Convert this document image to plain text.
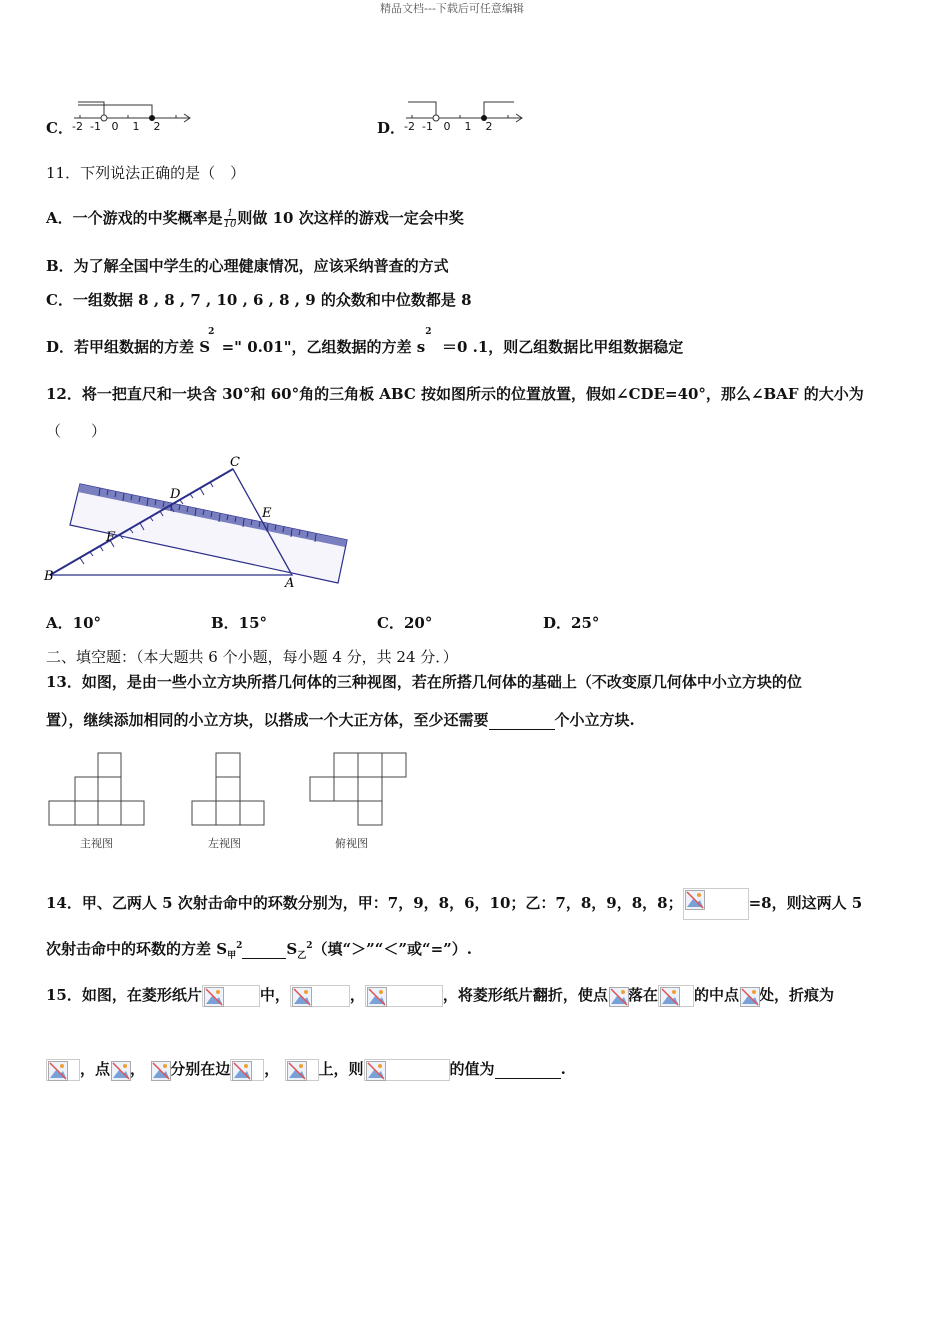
精品文档---下载后可任意编辑
C． -2 -1 0 1 2	D．
-2 -1 0 1 2
11．下列说法正确的是（　）
A．一个游戏的中奖概率是 $\frac{1}{10}$ 则做 10 次这样的游戏一定会中奖
B．为了解全国中学生的心理健康情况，应该采纳普查的方式
C．一组数据 8 , 8 , 7 , 10 , 6 , 8 , 9 的众数和中位数都是 8
D．若甲组数据的方差 $S^2$ =" 0.01"，乙组数据的方差 $s^2 =0$ .1，则乙组数据比甲组数据稳定
12．将一把直尺和一块含 30°和 60°角的三角板 ABC 按如图所示的位置放置，假如∠CDE=40°，那么∠BAF 的大小为
（　　）
C
D
E
F
B	A
A．10°	B．15°	C．20°	D．25°
二、填空题：（本大题共 6 个小题，每小题 4 分，共 24 分．）
13．如图，是由一些小立方块所搭几何体的三种视图，若在所搭几何体的基础上（不改变原几何体中小立方块的位
置），继续添加相同的小立方块，以搭成一个大正方体，至少还需要	个小立方块.
主视图	左视图	俯视图
14．甲、乙两人 5 次射击命中的环数分别为，甲：7，9，8，6，10；乙：7，8，9，8，8；	=8，则这两人 5
次射击命中的环数的方差 $S_甲^2$	$S_乙^2$（填“＞”“＜”或“=”）.
15．如图，在菱形纸片	中，	，	，将菱形纸片翻折，使点 落在 的中点 处，折痕为
，点 ， 分别在边 ，	上，则	的值为	.
